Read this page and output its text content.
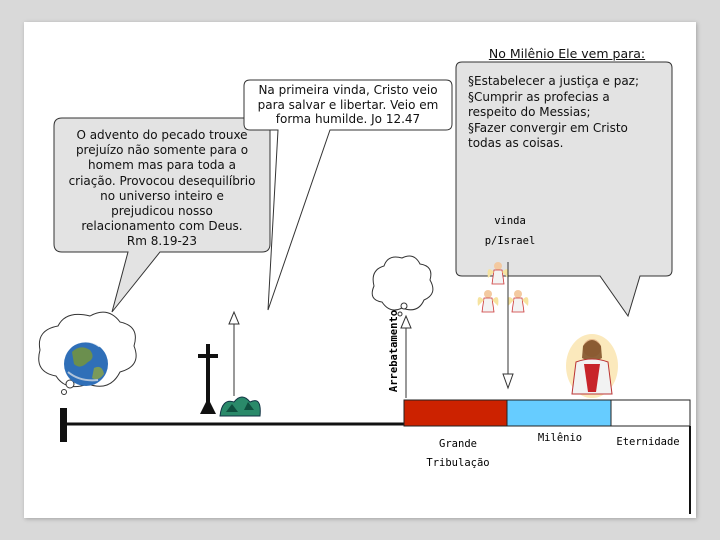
O advento do pecado trouxe
prejuízo não somente para o
homem mas para toda a
criação. Provocou desequilíbrio
no universo inteiro e
prejudicou nosso
relacionamento com Deus.
Rm 8.19-23
Na primeira vinda, Cristo veio
para salvar e libertar. Veio em
forma humilde. Jo 12.47
No Milênio Ele vem para:
§Estabelecer a justiça e paz;
§Cumprir as profecias a
respeito do Messias;
§Fazer convergir em Cristo
todas as coisas.
vinda
p/Israel
Arrebatamento
Grande
Tribulação
Milênio	Eternidade
